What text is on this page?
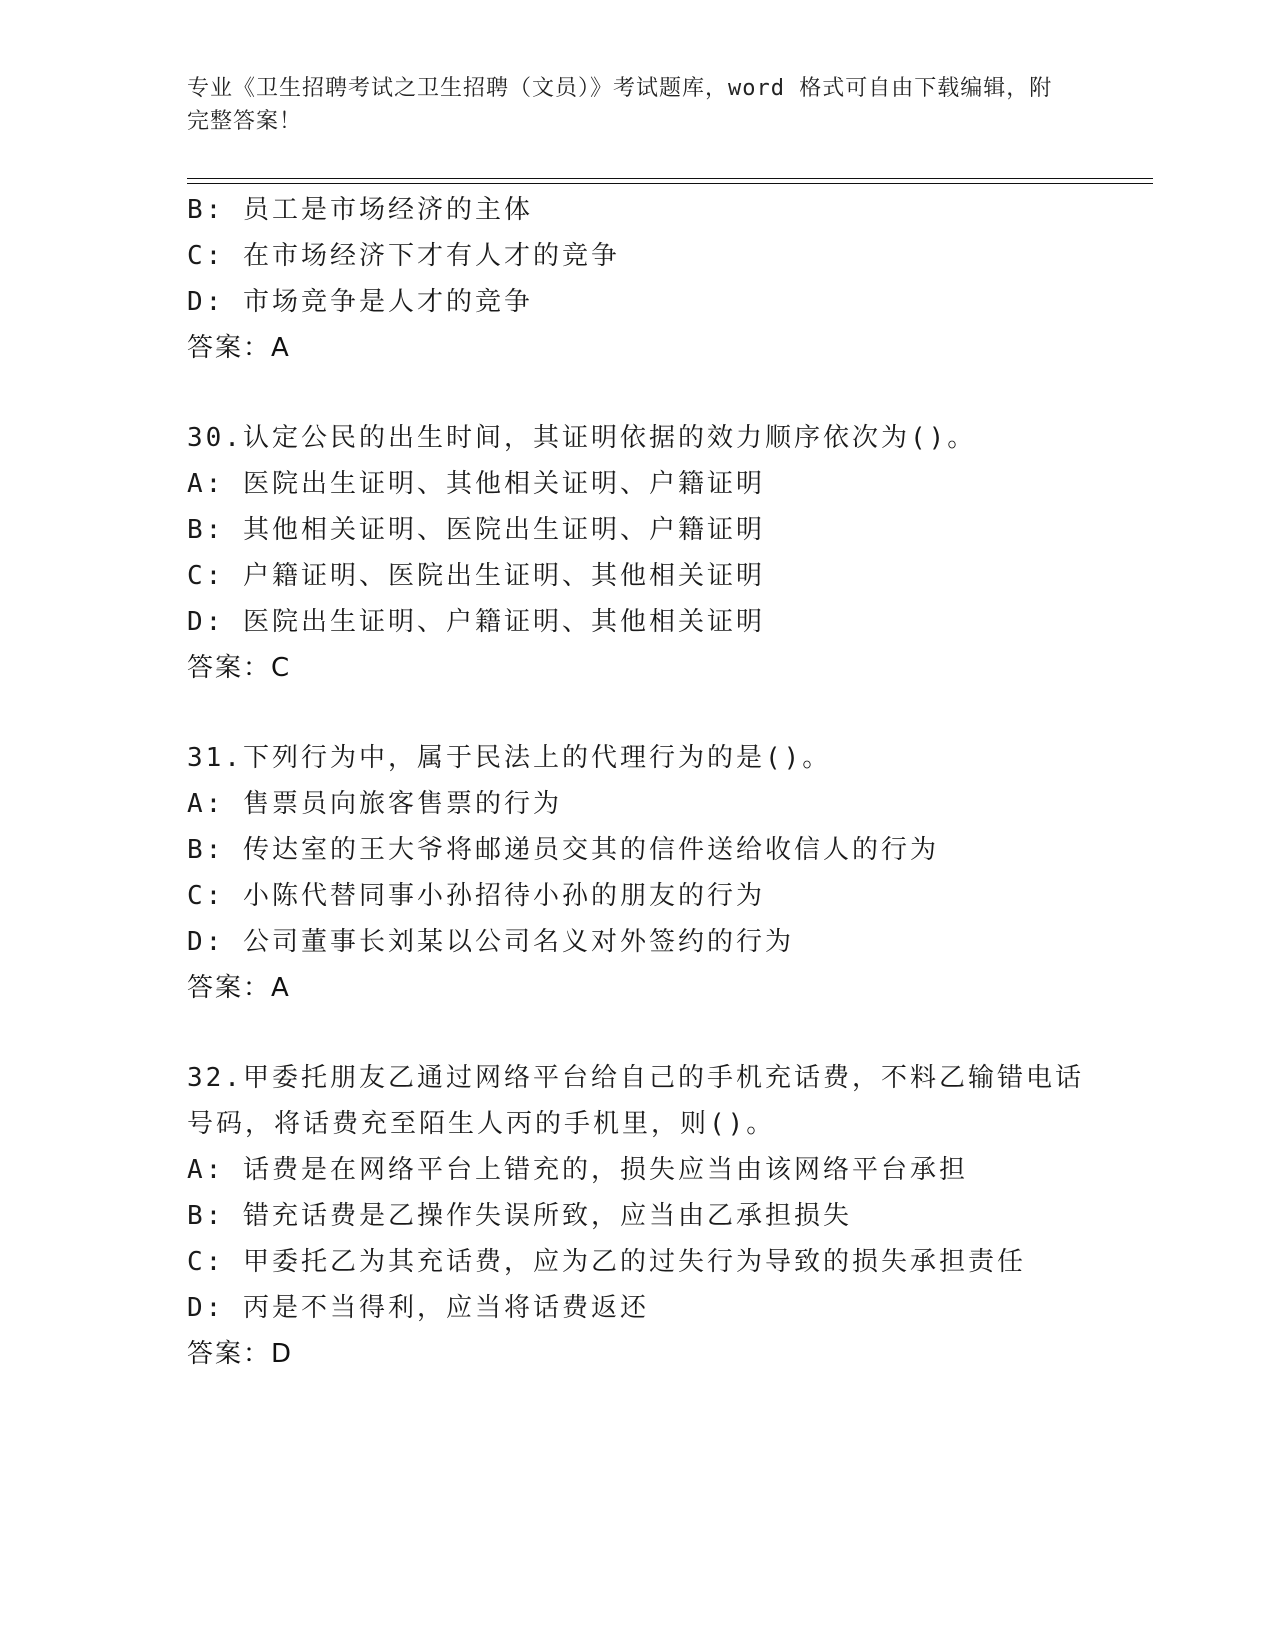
专业《卫生招聘考试之卫生招聘（文员）》考试题库，word 格式可自由下载编辑，附完整答案！
B: 员工是市场经济的主体
C: 在市场经济下才有人才的竞争
D: 市场竞争是人才的竞争
答案：A
30.认定公民的出生时间，其证明依据的效力顺序依次为()。
A: 医院出生证明、其他相关证明、户籍证明
B: 其他相关证明、医院出生证明、户籍证明
C: 户籍证明、医院出生证明、其他相关证明
D: 医院出生证明、户籍证明、其他相关证明
答案：C
31.下列行为中，属于民法上的代理行为的是()。
A: 售票员向旅客售票的行为
B: 传达室的王大爷将邮递员交其的信件送给收信人的行为
C: 小陈代替同事小孙招待小孙的朋友的行为
D: 公司董事长刘某以公司名义对外签约的行为
答案：A
32.甲委托朋友乙通过网络平台给自己的手机充话费，不料乙输错电话号码，将话费充至陌生人丙的手机里，则()。
A: 话费是在网络平台上错充的，损失应当由该网络平台承担
B: 错充话费是乙操作失误所致，应当由乙承担损失
C: 甲委托乙为其充话费，应为乙的过失行为导致的损失承担责任
D: 丙是不当得利，应当将话费返还
答案：D
